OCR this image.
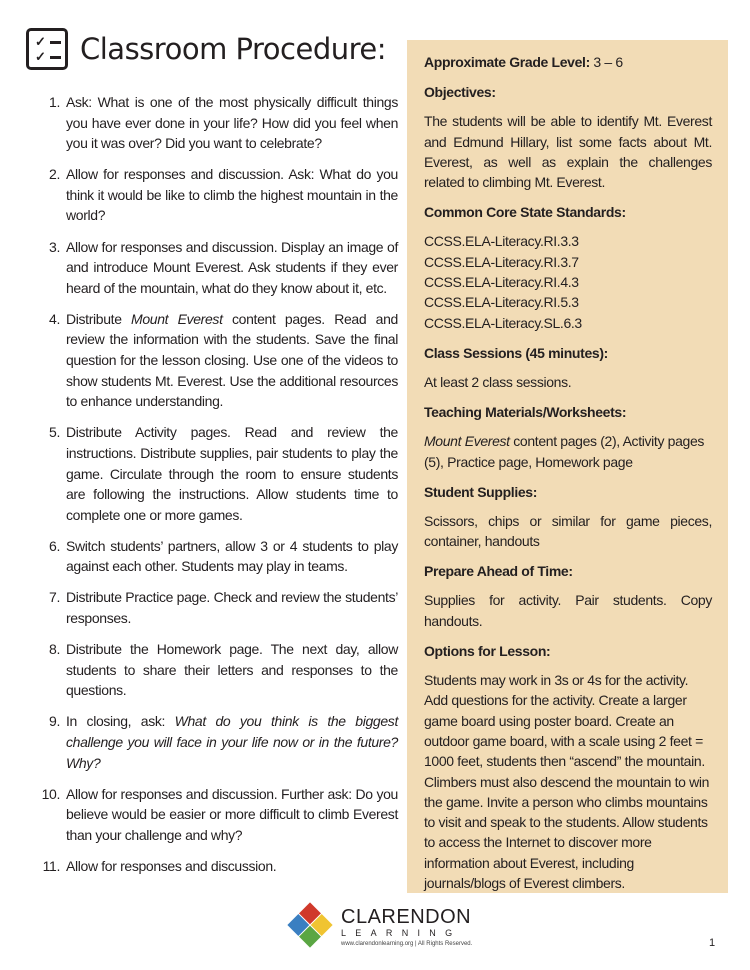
✓
✓ Classroom Procedure:
1. Ask: What is one of the most physically difficult things you have ever done in your life? How did you feel when you it was over? Did you want to celebrate?
2. Allow for responses and discussion. Ask: What do you think it would be like to climb the highest mountain in the world?
3. Allow for responses and discussion. Display an image of and introduce Mount Everest. Ask students if they ever heard of the mountain, what do they know about it, etc.
4. Distribute Mount Everest content pages. Read and review the information with the students. Save the final question for the lesson closing. Use one of the videos to show students Mt. Everest. Use the additional resources to enhance understanding.
5. Distribute Activity pages. Read and review the instructions. Distribute supplies, pair students to play the game. Circulate through the room to ensure students are following the instructions. Allow students time to complete one or more games.
6. Switch students’ partners, allow 3 or 4 students to play against each other. Students may play in teams.
7. Distribute Practice page. Check and review the students’ responses.
8. Distribute the Homework page. The next day, allow students to share their letters and responses to the questions.
9. In closing, ask: What do you think is the biggest challenge you will face in your life now or in the future? Why?
10. Allow for responses and discussion. Further ask: Do you believe would be easier or more difficult to climb Everest than your challenge and why?
11. Allow for responses and discussion.
Approximate Grade Level: 3 – 6
Objectives:

The students will be able to identify Mt. Everest and Edmund Hillary, list some facts about Mt. Everest, as well as explain the challenges related to climbing Mt. Everest.

Common Core State Standards:
CCSS.ELA-Literacy.RI.3.3
CCSS.ELA-Literacy.RI.3.7
CCSS.ELA-Literacy.RI.4.3
CCSS.ELA-Literacy.RI.5.3
CCSS.ELA-Literacy.SL.6.3
Class Sessions (45 minutes):

At least 2 class sessions.

Teaching Materials/Worksheets:

Mount Everest content pages (2), Activity pages (5), Practice page, Homework page

Student Supplies:

Scissors, chips or similar for game pieces, container, handouts

Prepare Ahead of Time:

Supplies for activity. Pair students. Copy handouts.

Options for Lesson:

Students may work in 3s or 4s for the activity. Add questions for the activity. Create a larger game board using poster board. Create an outdoor game board, with a scale using 2 feet = 1000 feet, students then “ascend” the mountain. Climbers must also descend the mountain to win the game. Invite a person who climbs mountains to visit and speak to the students. Allow students to access the Internet to discover more information about Everest, including journals/blogs of Everest climbers.

CLARENDON
LEARNING
www.clarendonlearning.org | All Rights Reserved.	1
